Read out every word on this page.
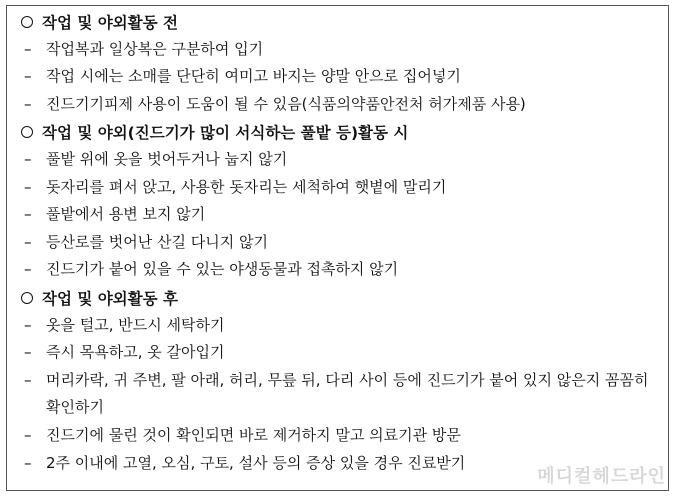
작업 및 야외활동 전
– 작업복과 일상복은 구분하여 입기
– 작업 시에는 소매를 단단히 여미고 바지는 양말 안으로 집어넣기
– 진드기기피제 사용이 도움이 될 수 있음(식품의약품안전처 허가제품 사용)
작업 및 야외(진드기가 많이 서식하는 풀밭 등)활동 시
– 풀밭 위에 옷을 벗어두거나 눕지 않기
– 돗자리를 펴서 앉고, 사용한 돗자리는 세척하여 햇볕에 말리기
– 풀밭에서 용변 보지 않기
– 등산로를 벗어난 산길 다니지 않기
– 진드기가 붙어 있을 수 있는 야생동물과 접촉하지 않기
작업 및 야외활동 후
– 옷을 털고, 반드시 세탁하기
– 즉시 목욕하고, 옷 갈아입기
– 머리카락, 귀 주변, 팔 아래, 허리, 무릎 뒤, 다리 사이 등에 진드기가 붙어 있지 않은지 꼼꼼히 확인하기
– 진드기에 물린 것이 확인되면 바로 제거하지 말고 의료기관 방문
– 2주 이내에 고열, 오심, 구토, 설사 등의 증상 있을 경우 진료받기
메디컬헤드라인
